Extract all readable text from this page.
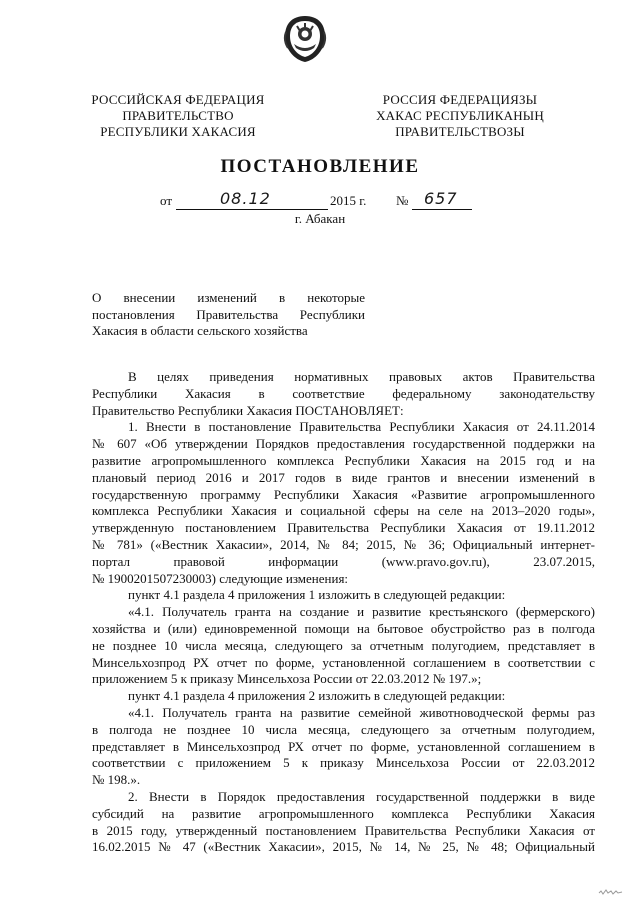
РОССИЙСКАЯ ФЕДЕРАЦИЯ
ПРАВИТЕЛЬСТВО
РЕСПУБЛИКИ ХАКАСИЯ
РОССИЯ ФЕДЕРАЦИЯЗЫ
ХАКАС РЕСПУБЛИКАНЫҢ
ПРАВИТЕЛЬСТВОЗЫ
ПОСТАНОВЛЕНИЕ
от	08.12	2015 г. № 657
г. Абакан
О внесении изменений в некоторые
постановления Правительства Республики
Хакасия в области сельского хозяйства
В целях приведения нормативных правовых актов Правительства
Республики Хакасия в соответствие федеральному законодательству
Правительство Республики Хакасия ПОСТАНОВЛЯЕТ:
1. Внести в постановление Правительства Республики Хакасия от 24.11.2014
№ 607 «Об утверждении Порядков предоставления государственной поддержки на
развитие агропромышленного комплекса Республики Хакасия на 2015 год и на
плановый период 2016 и 2017 годов в виде грантов и внесении изменений в
государственную программу Республики Хакасия «Развитие агропромышленного
комплекса Республики Хакасия и социальной сферы на селе на 2013–2020 годы»,
утвержденную постановлением Правительства Республики Хакасия от 19.11.2012
№ 781» («Вестник Хакасии», 2014, № 84; 2015, № 36; Официальный интернет-
портал правовой информации (www.pravo.gov.ru), 23.07.2015,
№ 1900201507230003) следующие изменения:
пункт 4.1 раздела 4 приложения 1 изложить в следующей редакции:
«4.1. Получатель гранта на создание и развитие крестьянского (фермерского)
хозяйства и (или) единовременной помощи на бытовое обустройство раз в полгода
не позднее 10 числа месяца, следующего за отчетным полугодием, представляет в
Минсельхозпрод РХ отчет по форме, установленной соглашением в соответствии с
приложением 5 к приказу Минсельхоза России от 22.03.2012 № 197.»;
пункт 4.1 раздела 4 приложения 2 изложить в следующей редакции:
«4.1. Получатель гранта на развитие семейной животноводческой фермы раз
в полгода не позднее 10 числа месяца, следующего за отчетным полугодием,
представляет в Минсельхозпрод РХ отчет по форме, установленной соглашением в
соответствии с приложением 5 к приказу Минсельхоза России от 22.03.2012
№ 198.».
2. Внести в Порядок предоставления государственной поддержки в виде
субсидий на развитие агропромышленного комплекса Республики Хакасия
в 2015 году, утвержденный постановлением Правительства Республики Хакасия от
16.02.2015 № 47 («Вестник Хакасии», 2015, № 14, № 25, № 48; Официальный
